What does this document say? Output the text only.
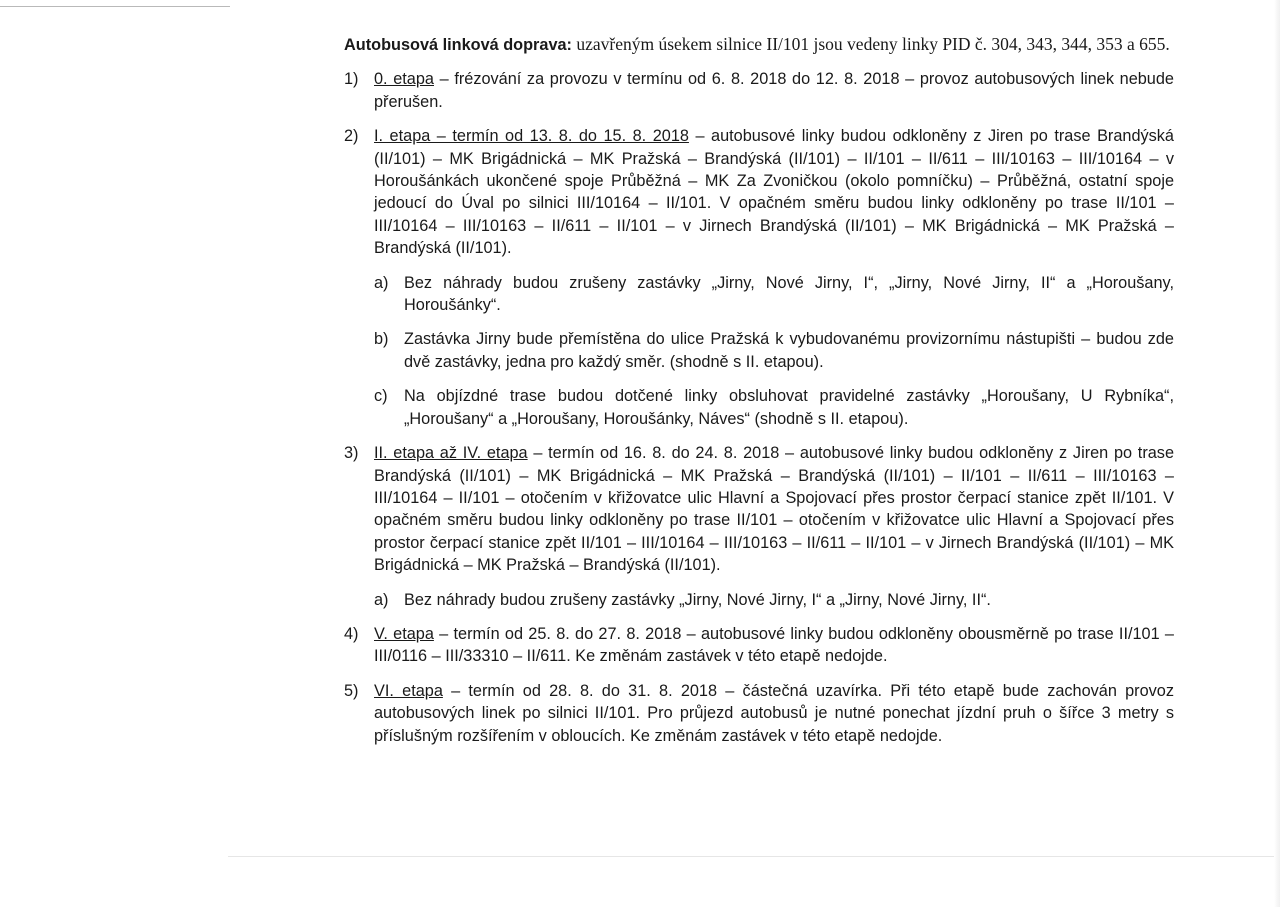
Autobusová linková doprava: uzavřeným úsekem silnice II/101 jsou vedeny linky PID č. 304, 343, 344, 353 a 655.

1) 0. etapa – frézování za provozu v termínu od 6. 8. 2018 do 12. 8. 2018 – provoz autobusových linek nebude přerušen.
2) I. etapa – termín od 13. 8. do 15. 8. 2018 – autobusové linky budou odkloněny z Jiren po trase Brandýská (II/101) – MK Brigádnická – MK Pražská – Brandýská (II/101) – II/101 – II/611 – III/10163 – III/10164 – v Horoušánkách ukončené spoje Průběžná – MK Za Zvoničkou (okolo pomníčku) – Průběžná, ostatní spoje jedoucí do Úval po silnici III/10164 – II/101. V opačném směru budou linky odkloněny po trase II/101 – III/10164 – III/10163 – II/611 – II/101 – v Jirnech Brandýská (II/101) – MK Brigádnická – MK Pražská – Brandýská (II/101).
a) Bez náhrady budou zrušeny zastávky „Jirny, Nové Jirny, I“, „Jirny, Nové Jirny, II“ a „Horoušany, Horoušánky“.
b) Zastávka Jirny bude přemístěna do ulice Pražská k vybudovanému provizornímu nástupišti – budou zde dvě zastávky, jedna pro každý směr. (shodně s II. etapou).
c) Na objízdné trase budou dotčené linky obsluhovat pravidelné zastávky „Horoušany, U Rybníka“, „Horoušany“ a „Horoušany, Horoušánky, Náves“ (shodně s II. etapou).
3) II. etapa až IV. etapa – termín od 16. 8. do 24. 8. 2018 – autobusové linky budou odkloněny z Jiren po trase Brandýská (II/101) – MK Brigádnická – MK Pražská – Brandýská (II/101) – II/101 – II/611 – III/10163 – III/10164 – II/101 – otočením v křižovatce ulic Hlavní a Spojovací přes prostor čerpací stanice zpět II/101. V opačném směru budou linky odkloněny po trase II/101 – otočením v křižovatce ulic Hlavní a Spojovací přes prostor čerpací stanice zpět II/101 – III/10164 – III/10163 – II/611 – II/101 – v Jirnech Brandýská (II/101) – MK Brigádnická – MK Pražská – Brandýská (II/101).
a) Bez náhrady budou zrušeny zastávky „Jirny, Nové Jirny, I“ a „Jirny, Nové Jirny, II“.
4) V. etapa – termín od 25. 8. do 27. 8. 2018 – autobusové linky budou odkloněny obousměrně po trase II/101 – III/0116 – III/33310 – II/611. Ke změnám zastávek v této etapě nedojde.
5) VI. etapa – termín od 28. 8. do 31. 8. 2018 – částečná uzavírka. Při této etapě bude zachován provoz autobusových linek po silnici II/101. Pro průjezd autobusů je nutné ponechat jízdní pruh o šířce 3 metry s příslušným rozšířením v obloucích. Ke změnám zastávek v této etapě nedojde.
